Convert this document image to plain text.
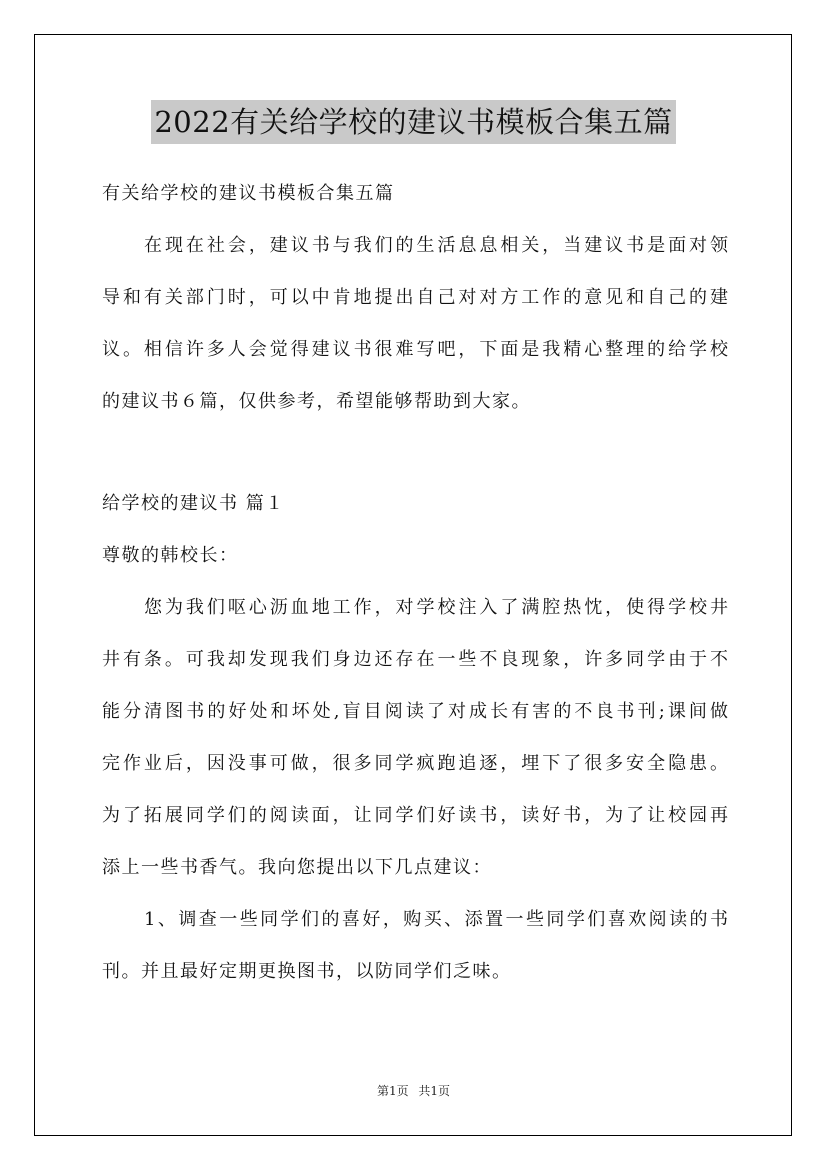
2022有关给学校的建议书模板合集五篇
有关给学校的建议书模板合集五篇
在现在社会，建议书与我们的生活息息相关，当建议书是面对领
导和有关部门时，可以中肯地提出自己对对方工作的意见和自己的建
议。相信许多人会觉得建议书很难写吧，下面是我精心整理的给学校
的建议书６篇，仅供参考，希望能够帮助到大家。
给学校的建议书 篇１
尊敬的韩校长：
您为我们呕心沥血地工作，对学校注入了满腔热忱，使得学校井
井有条。可我却发现我们身边还存在一些不良现象，许多同学由于不
能分清图书的好处和坏处,盲目阅读了对成长有害的不良书刊;课间做
完作业后，因没事可做，很多同学疯跑追逐，埋下了很多安全隐患。
为了拓展同学们的阅读面，让同学们好读书，读好书，为了让校园再
添上一些书香气。我向您提出以下几点建议：
1、调查一些同学们的喜好，购买、添置一些同学们喜欢阅读的书
刊。并且最好定期更换图书，以防同学们乏味。
第1页 共1页
